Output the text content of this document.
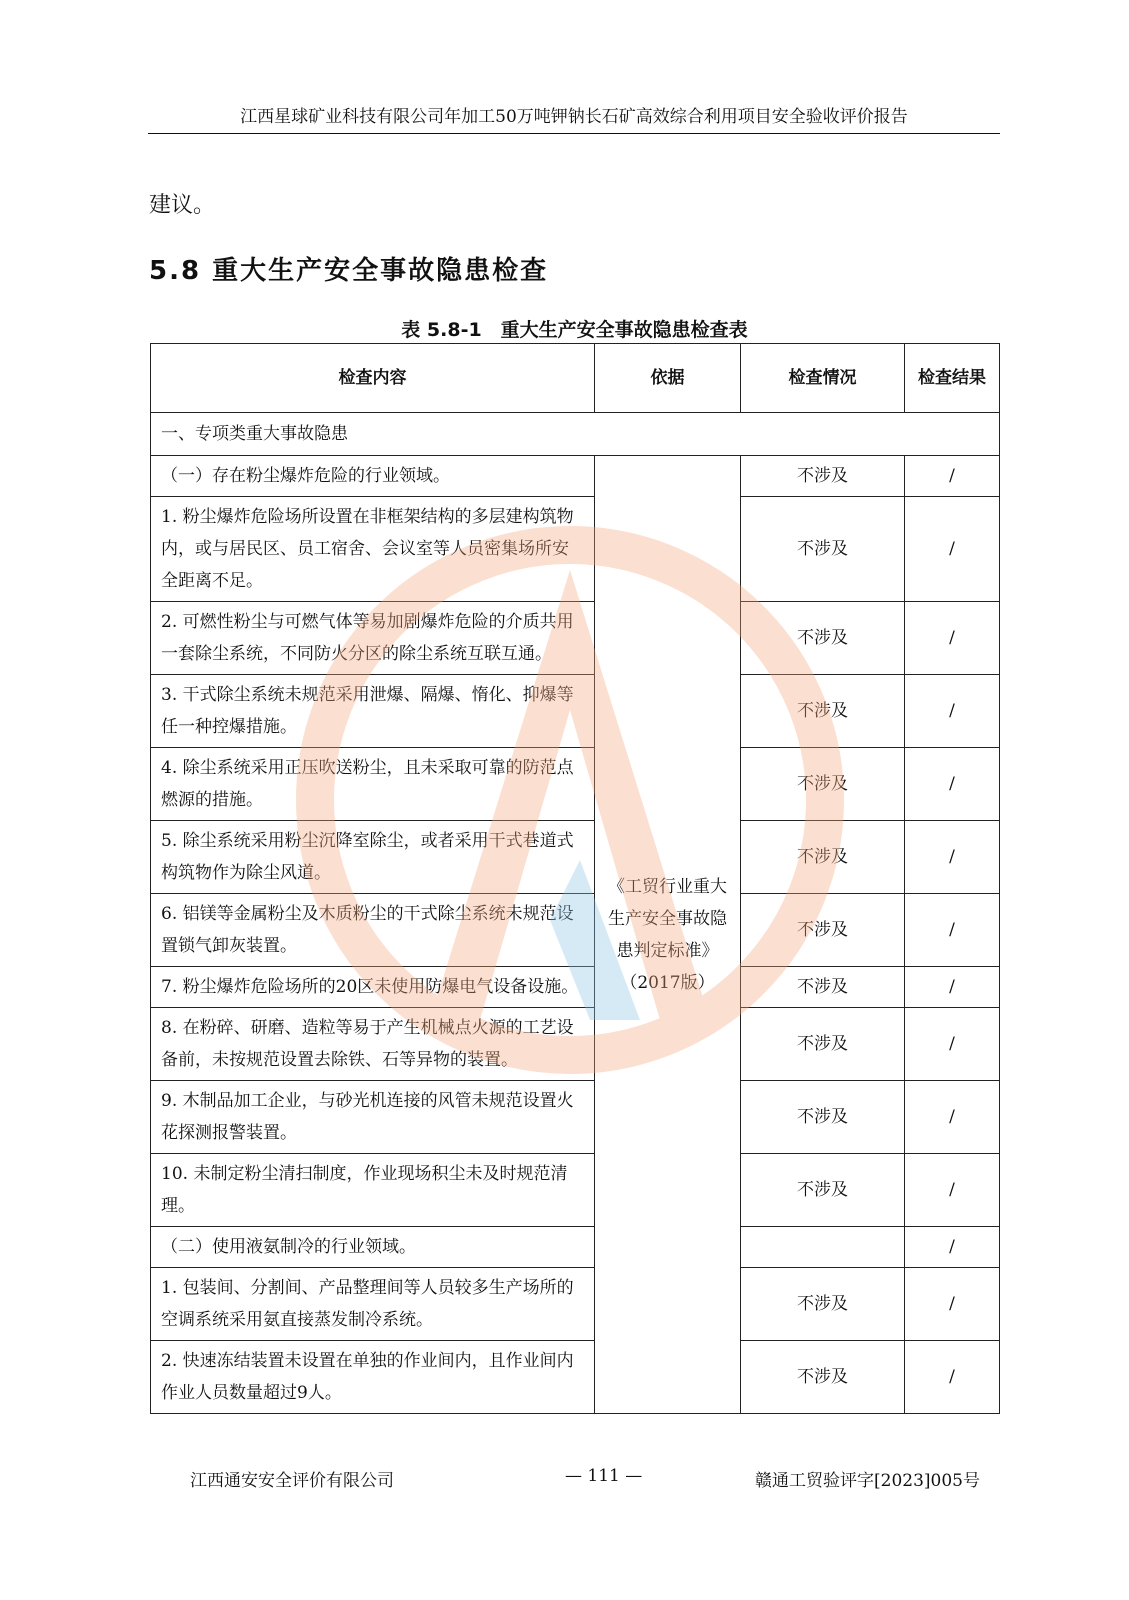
江西星球矿业科技有限公司年加工50万吨钾钠长石矿高效综合利用项目安全验收评价报告
建议。
5.8 重大生产安全事故隐患检查
表 5.8-1　重大生产安全事故隐患检查表
检查内容	依据	检查情况	检查结果
一、专项类重大事故隐患			
（一）存在粉尘爆炸危险的行业领域。	《工贸行业重大生产安全事故隐患判定标准》（2017版）	不涉及	/
1. 粉尘爆炸危险场所设置在非框架结构的多层建构筑物内，或与居民区、员工宿舍、会议室等人员密集场所安全距离不足。		不涉及	/
2. 可燃性粉尘与可燃气体等易加剧爆炸危险的介质共用一套除尘系统，不同防火分区的除尘系统互联互通。		不涉及	/
3. 干式除尘系统未规范采用泄爆、隔爆、惰化、抑爆等任一种控爆措施。		不涉及	/
4. 除尘系统采用正压吹送粉尘，且未采取可靠的防范点燃源的措施。		不涉及	/
5. 除尘系统采用粉尘沉降室除尘，或者采用干式巷道式构筑物作为除尘风道。		不涉及	/
6. 铝镁等金属粉尘及木质粉尘的干式除尘系统未规范设置锁气卸灰装置。		不涉及	/
7. 粉尘爆炸危险场所的20区未使用防爆电气设备设施。		不涉及	/
8. 在粉碎、研磨、造粒等易于产生机械点火源的工艺设备前，未按规范设置去除铁、石等异物的装置。		不涉及	/
9. 木制品加工企业，与砂光机连接的风管未规范设置火花探测报警装置。		不涉及	/
10. 未制定粉尘清扫制度，作业现场积尘未及时规范清理。		不涉及	/
（二）使用液氨制冷的行业领域。			/
1. 包装间、分割间、产品整理间等人员较多生产场所的空调系统采用氨直接蒸发制冷系统。		不涉及	/
2. 快速冻结装置未设置在单独的作业间内，且作业间内作业人员数量超过9人。		不涉及	/
江西通安安全评价有限公司	— 111 —	赣通工贸验评字[2023]005号
